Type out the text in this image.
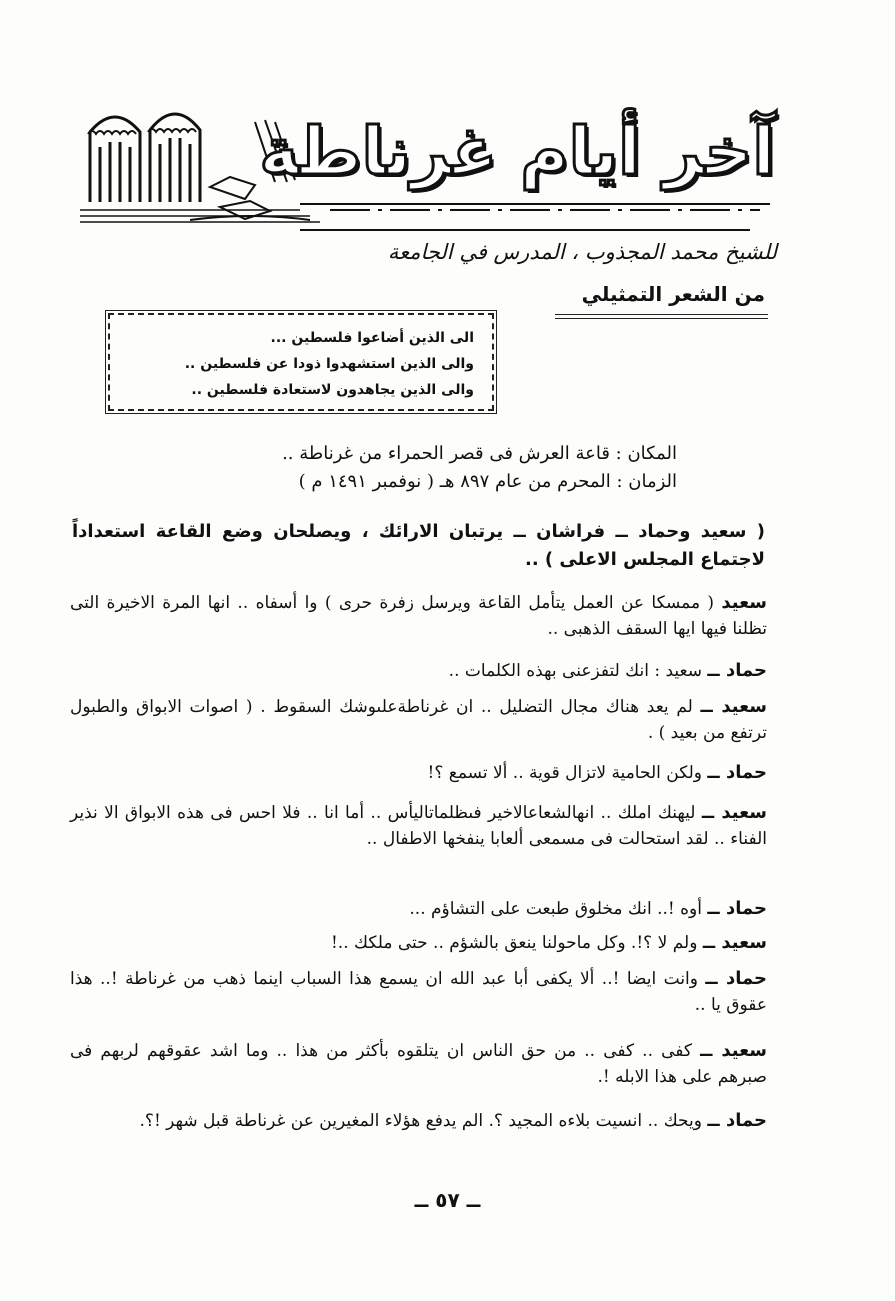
آخر أيام غرناطة
للشيخ محمد المجذوب ، المدرس في الجامعة
من الشعر التمثيلي
الى الذين أضاعوا فلسطين ...
والى الذين استشهدوا ذودا عن فلسطين ..
والى الذين يجاهدون لاستعادة فلسطين ..
المكان : قاعة العرش فى قصر الحمراء من غرناطة ..
الزمان : المحرم من عام ٨٩٧ هـ ( نوفمبر ١٤٩١ م )
( سعيد وحماد ــ فراشان ــ يرتبان الارائك ، ويصلحان وضع القاعة استعداداً لاجتماع المجلس الاعلى ) ..
سعيد ( ممسكا عن العمل يتأمل القاعة ويرسل زفرة حرى ) وا أسفاه .. انها المرة الاخيرة التى تظلنا فيها ايها السقف الذهبى ..
حماد ــ سعيد : انك لتفزعنى بهذه الكلمات ..
سعيد ــ لم يعد هناك مجال التضليل .. ان غرناطةعلىوشك السقوط . ( اصوات الابواق والطبول ترتفع من بعيد ) .
حماد ــ ولكن الحامية لاتزال قوية .. ألا تسمع ؟!
سعيد ــ ليهنك املك .. انهالشعاعالاخير فىظلماتاليأس .. أما انا .. فلا احس فى هذه الابواق الا نذير الفناء .. لقد استحالت فى مسمعى ألعابا ينفخها الاطفال ..
حماد ــ أوه !.. انك مخلوق طبعت على التشاؤم ...
سعيد ــ ولم لا ؟!. وكل ماحولنا ينعق بالشؤم .. حتى ملكك ..!
حماد ــ وانت ايضا !.. ألا يكفى أبا عبد الله ان يسمع هذا السباب اينما ذهب من غرناطة !.. هذا عقوق يا ..
سعيد ــ كفى .. كفى .. من حق الناس ان يتلقوه بأكثر من هذا .. وما اشد عقوقهم لربهم فى صبرهم على هذا الابله !.
حماد ــ ويحك .. انسيت بلاءه المجيد ؟. الم يدفع هؤلاء المغيرين عن غرناطة قبل شهر !؟.
ــ ٥٧ ــ
